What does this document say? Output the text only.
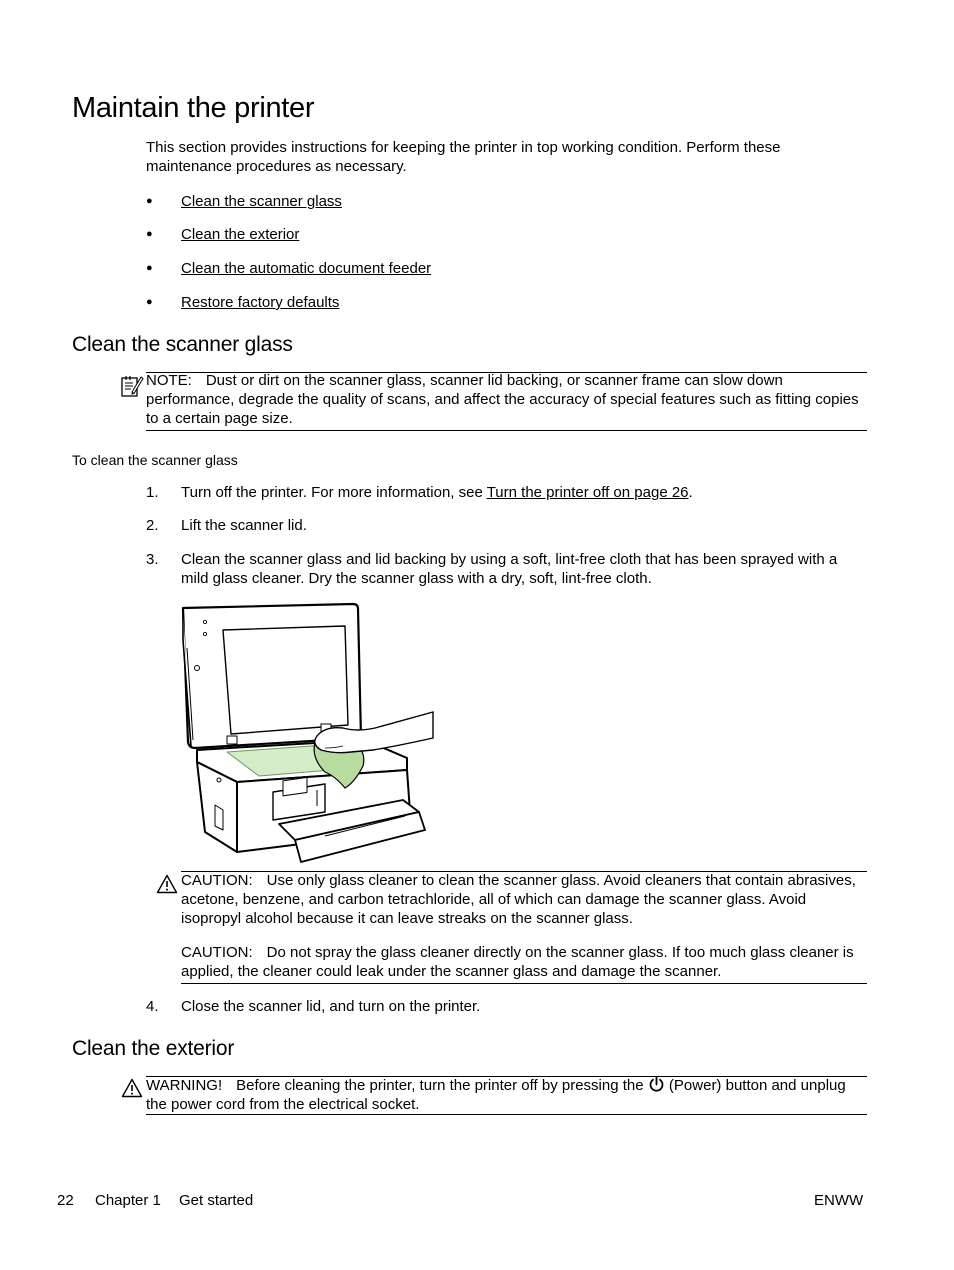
Maintain the printer

This section provides instructions for keeping the printer in top working condition. Perform these maintenance procedures as necessary.

●	Clean the scanner glass
●	Clean the exterior
●	Clean the automatic document feeder
●	Restore factory defaults
Clean the scanner glass

NOTE: Dust or dirt on the scanner glass, scanner lid backing, or scanner frame can slow down performance, degrade the quality of scans, and affect the accuracy of special features such as fitting copies to a certain page size.

To clean the scanner glass
1.	Turn off the printer. For more information, see Turn the printer off on page 26.

2.	Lift the scanner lid.

3.	Clean the scanner glass and lid backing by using a soft, lint-free cloth that has been sprayed with a mild glass cleaner. Dry the scanner glass with a dry, soft, lint-free cloth.

CAUTION: Use only glass cleaner to clean the scanner glass. Avoid cleaners that contain abrasives, acetone, benzene, and carbon tetrachloride, all of which can damage the scanner glass. Avoid isopropyl alcohol because it can leave streaks on the scanner glass.

CAUTION: Do not spray the glass cleaner directly on the scanner glass. If too much glass cleaner is applied, the cleaner could leak under the scanner glass and damage the scanner.

4.	Close the scanner lid, and turn on the printer.

Clean the exterior

WARNING! Before cleaning the printer, turn the printer off by pressing the (Power) button and unplug the power cord from the electrical socket.

22 Chapter 1 Get started	ENWW
